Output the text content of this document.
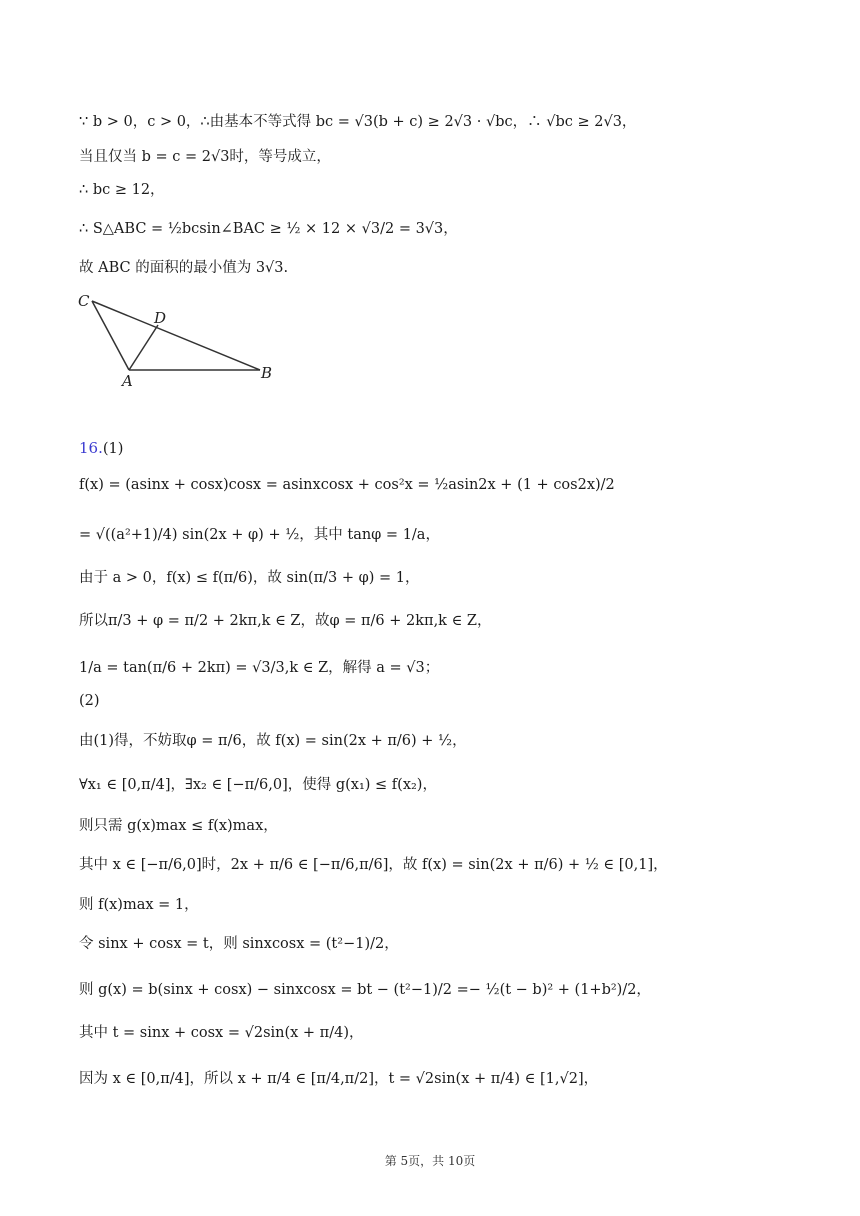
∵ b > 0，c > 0，∴由基本不等式得 bc = √3(b + c) ≥ 2√3 · √bc，∴ √bc ≥ 2√3，
当且仅当 b = c = 2√3时，等号成立，
∴ bc ≥ 12，
∴ S△ABC = ½bcsin∠BAC ≥ ½ × 12 × √3/2 = 3√3，
故 ABC 的面积的最小值为 3√3.
C
D
A	B
16.(1)
f(x) = (asinx + cosx)cosx = asinxcosx + cos²x = ½asin2x + (1 + cos2x)/2
= √((a²+1)/4) sin(2x + φ) + ½，其中 tanφ = 1/a，
由于 a > 0，f(x) ≤ f(π/6)，故 sin(π/3 + φ) = 1，
所以π/3 + φ = π/2 + 2kπ,k ∈ Z，故φ = π/6 + 2kπ,k ∈ Z，
1/a = tan(π/6 + 2kπ) = √3/3,k ∈ Z，解得 a = √3；
(2)
由(1)得，不妨取φ = π/6，故 f(x) = sin(2x + π/6) + ½，
∀x₁ ∈ [0,π/4]，∃x₂ ∈ [−π/6,0]，使得 g(x₁) ≤ f(x₂)，
则只需 g(x)max ≤ f(x)max，
其中 x ∈ [−π/6,0]时，2x + π/6 ∈ [−π/6,π/6]，故 f(x) = sin(2x + π/6) + ½ ∈ [0,1]，
则 f(x)max = 1，
令 sinx + cosx = t，则 sinxcosx = (t²−1)/2，
则 g(x) = b(sinx + cosx) − sinxcosx = bt − (t²−1)/2 =− ½(t − b)² + (1+b²)/2，
其中 t = sinx + cosx = √2sin(x + π/4)，
因为 x ∈ [0,π/4]，所以 x + π/4 ∈ [π/4,π/2]，t = √2sin(x + π/4) ∈ [1,√2]，
第 5页，共 10页
